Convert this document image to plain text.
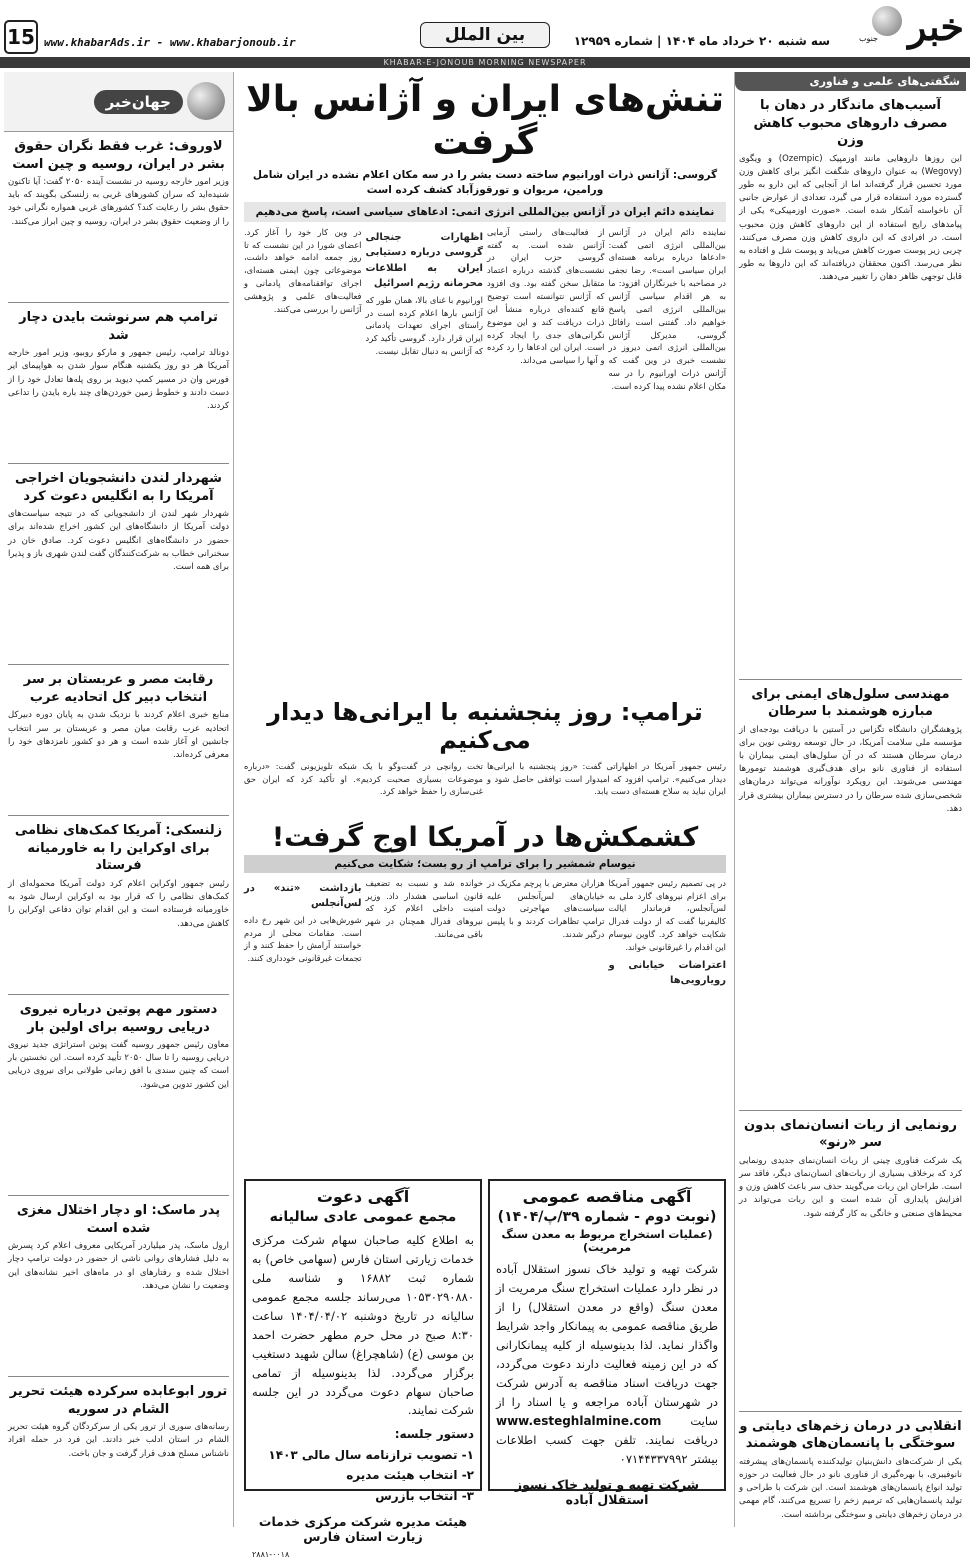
خبر
جنوب
سه شنبه ۲۰ خرداد ماه ۱۴۰۴ | شماره ۱۲۹۵۹
بین الملل
15 www.khabarAds.ir - www.khabarjonoub.ir
KHABAR-E-JONOUB MORNING NEWSPAPER
شگفتی‌های علمی و فناوری
آسیب‌های ماندگار در دهان با مصرف داروهای محبوب کاهش وزن
این روزها داروهایی مانند اوزمپیک (Ozempic) و ویگوی (Wegovy) به عنوان داروهای شگفت انگیز برای کاهش وزن مورد تحسین قرار گرفته‌اند اما از آنجایی که این دارو به طور گسترده مورد استفاده قرار می گیرد، تعدادی از عوارض جانبی آن ناخواسته آشکار شده است. «صورت اوزمپیکی» یکی از پیامدهای رایج استفاده از این داروهای کاهش وزن محبوب است. در افرادی که این داروی کاهش وزن مصرف می‌کنند، چربی زیر پوست صورت کاهش می‌یابد و پوست شل و افتاده به نظر می‌رسد. اکنون محققان دریافته‌اند که این داروها به طور قابل توجهی ظاهر دهان را تغییر می‌دهند.
مهندسی سلول‌های ایمنی برای مبارزه هوشمند با سرطان
پژوهشگران دانشگاه تگزاس در آستین با دریافت بودجه‌ای از مؤسسه ملی سلامت آمریکا، در حال توسعه روشی نوین برای درمان سرطان هستند که در آن سلول‌های ایمنی بیماران با استفاده از فناوری نانو برای هدف‌گیری هوشمند تومورها مهندسی می‌شوند. این رویکرد نوآورانه می‌تواند درمان‌های شخصی‌سازی شده سرطان را در دسترس بیماران بیشتری قرار دهد.
رونمایی از ربات انسان‌نمای بدون سر «رنو»
یک شرکت فناوری چینی از ربات انسان‌نمای جدیدی رونمایی کرد که برخلاف بسیاری از ربات‌های انسان‌نمای دیگر، فاقد سر است. طراحان این ربات می‌گویند حذف سر باعث کاهش وزن و افزایش پایداری آن شده است و این ربات می‌تواند در محیط‌های صنعتی و خانگی به کار گرفته شود.
انقلابی در درمان زخم‌های دیابتی و سوختگی با پانسمان‌های هوشمند
یکی از شرکت‌های دانش‌بنیان تولیدکننده پانسمان‌های پیشرفته نانوفیبری، با بهره‌گیری از فناوری نانو در حال فعالیت در حوزه تولید انواع پانسمان‌های هوشمند است. این شرکت با طراحی و تولید پانسمان‌هایی که ترمیم زخم را تسریع می‌کنند، گام مهمی در درمان زخم‌های دیابتی و سوختگی برداشته است.
جهان‌خبر
لاوروف: غرب فقط نگران حقوق بشر در ایران، روسیه و چین است
وزیر امور خارجه روسیه در نشست آینده ۲۰۵۰ گفت: آیا تاکنون شنیده‌اید که سران کشورهای غربی به زلنسکی بگویند که باید حقوق بشر را رعایت کند؟ کشورهای غربی همواره نگرانی خود را از وضعیت حقوق بشر در ایران، روسیه و چین ابراز می‌کنند.
ترامپ هم سرنوشت بایدن دچار شد
دونالد ترامپ، رئیس جمهور و مارکو روبیو، وزیر امور خارجه آمریکا هر دو روز یکشنبه هنگام سوار شدن به هواپیمای ایر فورس وان در مسیر کمپ دیوید بر روی پله‌ها تعادل خود را از دست دادند و خطوط زمین خوردن‌های چند باره بایدن را تداعی کردند.
شهردار لندن دانشجویان اخراجی آمریکا را به انگلیس دعوت کرد
شهردار شهر لندن از دانشجویانی که در نتیجه سیاست‌های دولت آمریکا از دانشگاه‌های این کشور اخراج شده‌اند برای حضور در دانشگاه‌های انگلیس دعوت کرد. صادق خان در سخنرانی خطاب به شرکت‌کنندگان گفت لندن شهری باز و پذیرا برای همه است.
رقابت مصر و عربستان بر سر انتخاب دبیر کل اتحادیه عرب
منابع خبری اعلام کردند با نزدیک شدن به پایان دوره دبیرکل اتحادیه عرب رقابت میان مصر و عربستان بر سر انتخاب جانشین او آغاز شده است و هر دو کشور نامزدهای خود را معرفی کرده‌اند.
زلنسکی: آمریکا کمک‌های نظامی برای اوکراین را به خاورمیانه فرستاد
رئیس جمهور اوکراین اعلام کرد دولت آمریکا محموله‌ای از کمک‌های نظامی را که قرار بود به اوکراین ارسال شود به خاورمیانه فرستاده است و این اقدام توان دفاعی اوکراین را کاهش می‌دهد.
دستور مهم پوتین درباره نیروی دریایی روسیه برای اولین بار
معاون رئیس جمهور روسیه گفت پوتین استراتژی جدید نیروی دریایی روسیه را تا سال ۲۰۵۰ تأیید کرده است. این نخستین بار است که چنین سندی با افق زمانی طولانی برای نیروی دریایی این کشور تدوین می‌شود.
پدر ماسک: او دچار اختلال مغزی شده است
ارول ماسک، پدر میلیاردر آمریکایی معروف اعلام کرد پسرش به دلیل فشارهای روانی ناشی از حضور در دولت ترامپ دچار اختلال شده و رفتارهای او در ماه‌های اخیر نشانه‌های این وضعیت را نشان می‌دهد.
ترور ابوعابده سرکرده هیئت تحریر الشام در سوریه
رسانه‌های سوری از ترور یکی از سرکردگان گروه هیئت تحریر الشام در استان ادلب خبر دادند. این فرد در حمله افراد ناشناس مسلح هدف قرار گرفت و جان باخت.
تنش‌های ایران و آژانس بالا گرفت
گروسی: آژانس ذرات اورانیوم ساخته دست بشر را در سه مکان اعلام نشده در ایران شامل ورامین، مریوان و تورقوزآباد کشف کرده است
نماینده دائم ایران در آژانس بین‌المللی انرژی اتمی: ادعاهای سیاسی است، پاسخ می‌دهیم
نماینده دائم ایران در آژانس بین‌المللی انرژی اتمی گفت: «ادعاها درباره برنامه هسته‌ای ایران سیاسی است». رضا نجفی در مصاحبه با خبرنگاران افزود: ما به هر اقدام سیاسی آژانس بین‌المللی انرژی اتمی پاسخ خواهیم داد. گفتنی است رافائل گروسی، مدیرکل آژانس بین‌المللی انرژی اتمی دیروز در نشست خبری در وین گفت که آژانس ذرات اورانیوم را در سه مکان اعلام نشده پیدا کرده است.
از فعالیت‌های راستی آزمایی آژانس شده است. به گفته گروسی حزب ایران در نشست‌های گذشته درباره اعتماد متقابل سخن گفته بود. وی افزود که آژانس نتوانسته است توضیح قانع کننده‌ای درباره منشأ این ذرات دریافت کند و این موضوع نگرانی‌های جدی را ایجاد کرده است. ایران این ادعاها را رد کرده و آنها را سیاسی می‌داند.
اظهارات جنجالی گروسی درباره دستیابی ایران به اطلاعات محرمانه رژیم اسرائیل
اورانیوم با غنای بالا، همان طور که آژانس بارها اعلام کرده است در راستای اجرای تعهدات پادمانی ایران قرار دارد. گروسی تأکید کرد که آژانس به دنبال تقابل نیست.
در وین کار خود را آغاز کرد. اعضای شورا در این نشست که تا روز جمعه ادامه خواهد داشت، موضوعاتی چون ایمنی هسته‌ای، اجرای توافقنامه‌های پادمانی و فعالیت‌های علمی و پژوهشی آژانس را بررسی می‌کنند.
ترامپ: روز پنجشنبه با ایرانی‌ها دیدار می‌کنیم
رئیس جمهور آمریکا در اظهاراتی گفت: «روز پنجشنبه با ایرانی‌ها دیدار می‌کنیم». ترامپ افزود که امیدوار است توافقی حاصل شود و ایران نباید به سلاح هسته‌ای دست یابد.
تخت روانچی در گفت‌وگو با یک شبکه تلویزیونی گفت: «درباره موضوعات بسیاری صحبت کردیم». او تأکید کرد که ایران حق غنی‌سازی را حفظ خواهد کرد.
کشمکش‌ها در آمریکا اوج گرفت!
نیوسام شمشیر را برای ترامپ از رو بست؛ شکایت می‌کنیم
در پی تصمیم رئیس جمهور آمریکا برای اعزام نیروهای گارد ملی به لس‌آنجلس، فرماندار ایالت کالیفرنیا گفت که از دولت فدرال شکایت خواهد کرد. گاوین نیوسام این اقدام را غیرقانونی خواند.
اعتراضات خیابانی و رویارویی‌ها
هزاران معترض با پرچم مکزیک در خیابان‌های لس‌آنجلس علیه سیاست‌های مهاجرتی دولت ترامپ تظاهرات کردند و با پلیس درگیر شدند.
خوانده شد و نسبت به تضعیف قانون اساسی هشدار داد. وزیر امنیت داخلی اعلام کرد که نیروهای فدرال همچنان در شهر باقی می‌مانند.
بازداشت «تند» در لس‌آنجلس
شورش‌هایی در این شهر رخ داده است. مقامات محلی از مردم خواستند آرامش را حفظ کنند و از تجمعات غیرقانونی خودداری کنند.
آگهی مناقصه عمومی
(نوبت دوم - شماره ۳۹/پ/۱۴۰۴)
(عملیات استخراج مربوط به معدن سنگ مرمریت)
شرکت تهیه و تولید خاک نسوز استقلال آباده در نظر دارد عملیات استخراج سنگ مرمریت از معدن سنگ (واقع در معدن استقلال) را از طریق مناقصه عمومی به پیمانکار واجد شرایط واگذار نماید. لذا بدینوسیله از کلیه پیمانکارانی که در این زمینه فعالیت دارند دعوت می‌گردد، جهت دریافت اسناد مناقصه به آدرس شرکت در شهرستان آباده مراجعه و یا اسناد را از سایت www.esteghlalmine.com دریافت نمایند. تلفن جهت کسب اطلاعات بیشتر ۰۷۱۴۴۳۳۷۹۹۲
شرکت تهیه و تولید خاک نسوز استقلال آباده
آگهی دعوت
مجمع عمومی عادی سالیانه
به اطلاع کلیه صاحبان سهام شرکت مرکزی خدمات زیارتی استان فارس (سهامی خاص) به شماره ثبت ۱۶۸۸۲ و شناسه ملی ۱۰۵۳۰۲۹۰۸۸۰ می‌رساند جلسه مجمع عمومی سالیانه در تاریخ دوشنبه ۱۴۰۴/۰۴/۰۲ ساعت ۸:۳۰ صبح در محل حرم مطهر حضرت احمد بن موسی (ع) (شاهچراغ) سالن شهید دستغیب برگزار می‌گردد. لذا بدینوسیله از تمامی صاحبان سهام دعوت می‌گردد در این جلسه شرکت نمایند.
دستور جلسه:
۱- تصویب ترازنامه سال مالی ۱۴۰۳
۲- انتخاب هیئت مدیره
۳- انتخاب بازرس
هیئت مدیره شرکت مرکزی خدمات زیارت استان فارس
۲۸۸۱-۰۰۱۸
